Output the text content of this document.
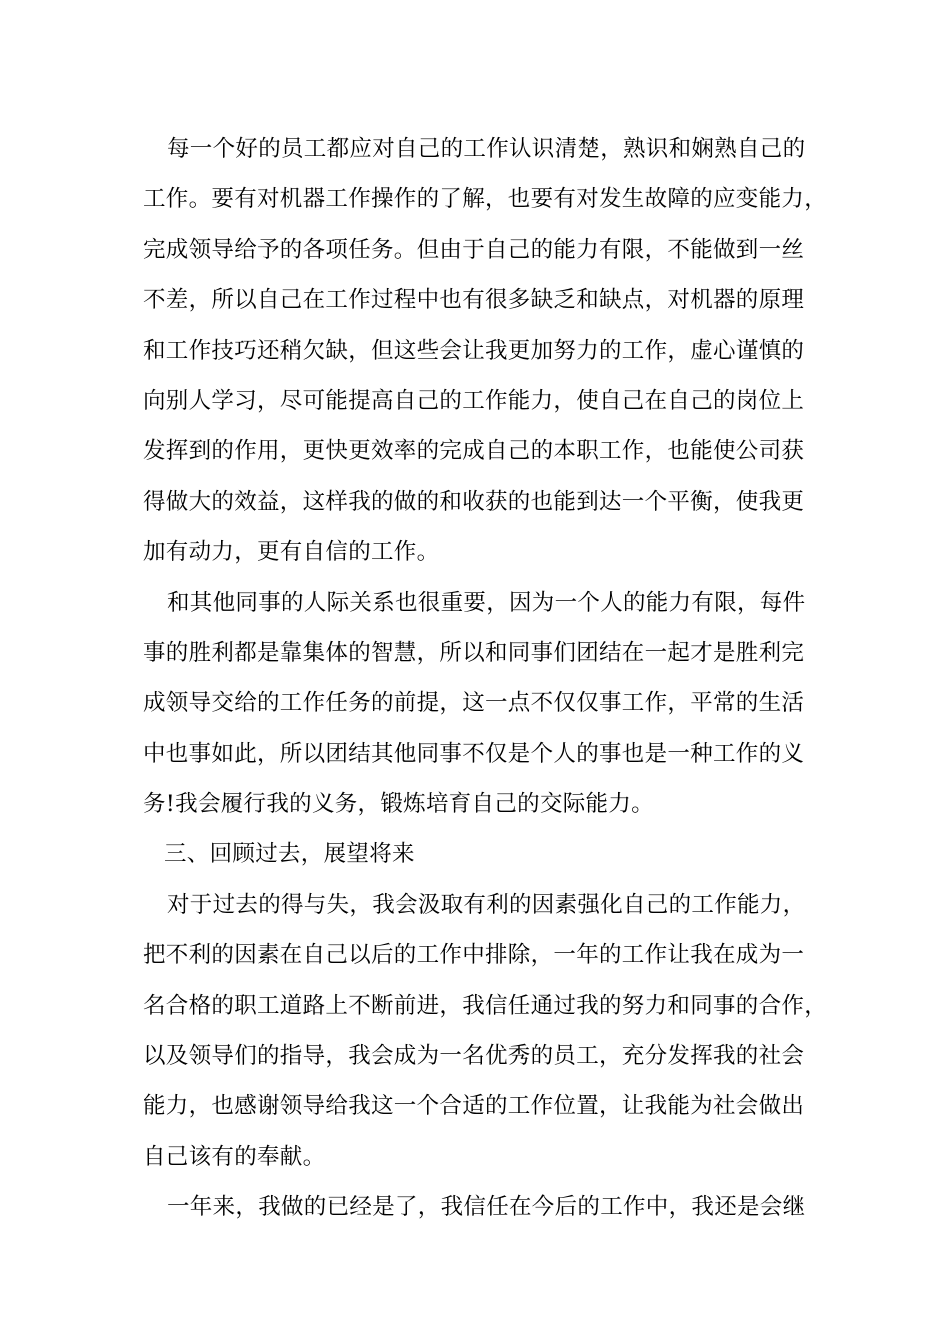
每一个好的员工都应对自己的工作认识清楚，熟识和娴熟自己的
工作。要有对机器工作操作的了解，也要有对发生故障的应变能力，
完成领导给予的各项任务。但由于自己的能力有限，不能做到一丝
不差，所以自己在工作过程中也有很多缺乏和缺点，对机器的原理
和工作技巧还稍欠缺，但这些会让我更加努力的工作，虚心谨慎的
向别人学习，尽可能提高自己的工作能力，使自己在自己的岗位上
发挥到的作用，更快更效率的完成自己的本职工作，也能使公司获
得做大的效益，这样我的做的和收获的也能到达一个平衡，使我更
加有动力，更有自信的工作。
和其他同事的人际关系也很重要，因为一个人的能力有限，每件
事的胜利都是靠集体的智慧，所以和同事们团结在一起才是胜利完
成领导交给的工作任务的前提，这一点不仅仅事工作，平常的生活
中也事如此，所以团结其他同事不仅是个人的事也是一种工作的义
务!我会履行我的义务，锻炼培育自己的交际能力。
三、回顾过去，展望将来
对于过去的得与失，我会汲取有利的因素强化自己的工作能力，
把不利的因素在自己以后的工作中排除，一年的工作让我在成为一
名合格的职工道路上不断前进，我信任通过我的努力和同事的合作，
以及领导们的指导，我会成为一名优秀的员工，充分发挥我的社会
能力，也感谢领导给我这一个合适的工作位置，让我能为社会做出
自己该有的奉献。
一年来，我做的已经是了，我信任在今后的工作中，我还是会继
